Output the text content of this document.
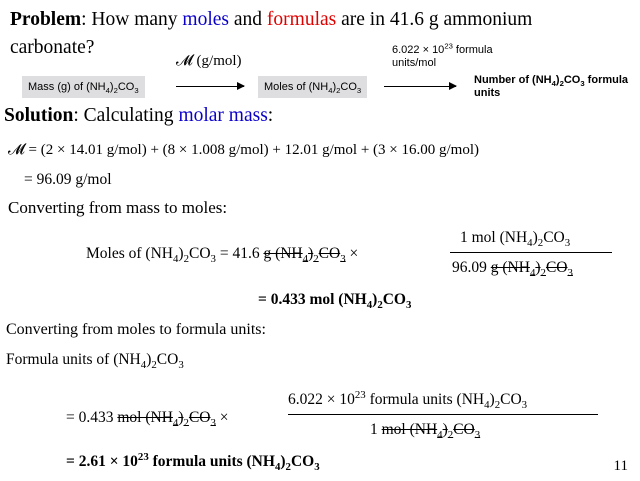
Problem: How many moles and formulas are in 41.6 g ammonium
carbonate?
Mass (g) of $(NH_4)_2CO_3$
𝓜 (g/mol)
Moles of $(NH_4)_2CO_3$
$6.022 \times 10^{23}$ formula
units/mol
Number of $(NH_4)_2CO_3$ formula
units
Solution: Calculating molar mass:
𝓜 = (2 × 14.01 g/mol) + (8 × 1.008 g/mol) + 12.01 g/mol + (3 × 16.00 g/mol)
= 96.09 g/mol
Converting from mass to moles:
Moles of $(NH_4)_2CO_3 = 41.6$ g $(NH_4)_2CO_3$ ×
1 mol $(NH_4)_2CO_3$
96.09 g $(NH_4)_2CO_3$
= 0.433 mol $(NH_4)_2CO_3$
Converting from moles to formula units:
Formula units of $(NH_4)_2CO_3$
= 0.433 mol $(NH_4)_2CO_3$ ×
$6.022 \times 10^{23}$ formula units $(NH_4)_2CO_3$
1 mol $(NH_4)_2CO_3$
= $2.61 \times 10^{23}$ formula units $(NH_4)_2CO_3$	11
